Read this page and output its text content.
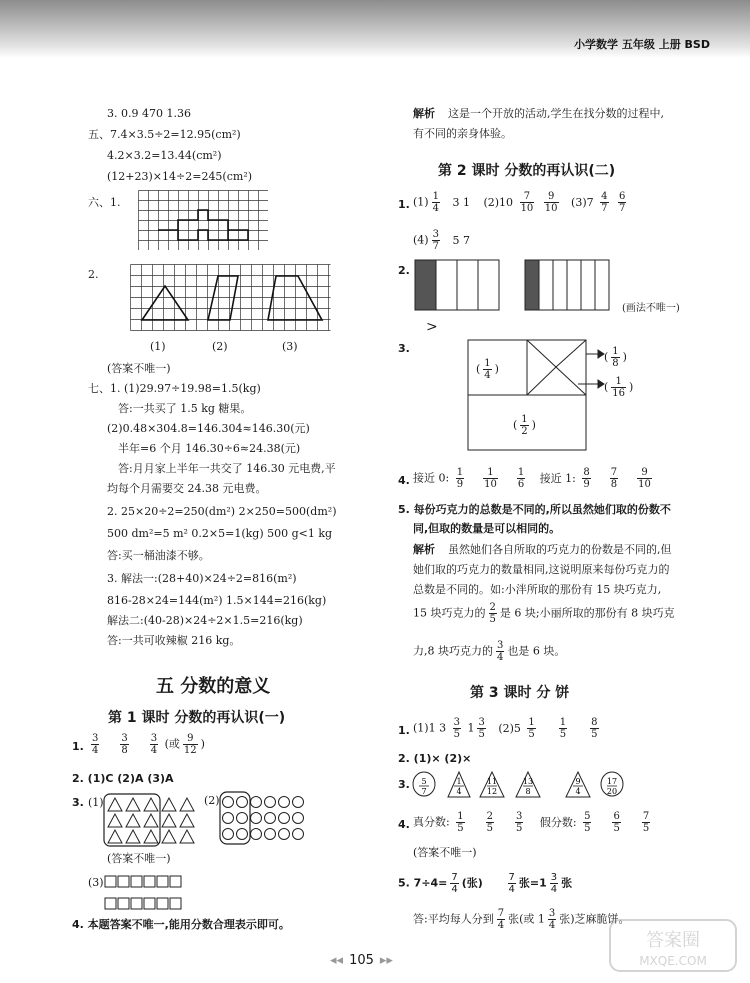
小学数学 五年级 上册 BSD
3. 0.9 470 1.36
五、7.4×3.5÷2=12.95(cm²)
4.2×3.2=13.44(cm²)
(12+23)×14÷2=245(cm²)
六、1.
2.
(1)	(2)	(3)
(答案不唯一)
七、1. (1)29.97÷19.98=1.5(kg)
答:一共买了 1.5 kg 糖果。
(2)0.48×304.8=146.304≈146.30(元)
半年=6 个月 146.30÷6≈24.38(元)
答:月月家上半年一共交了 146.30 元电费,平
均每个月需要交 24.38 元电费。
2. 25×20÷2=250(dm²) 2×250=500(dm²)
500 dm²=5 m² 0.2×5=1(kg) 500 g<1 kg
答:买一桶油漆不够。
3. 解法一:(28+40)×24÷2=816(m²)
816-28×24=144(m²) 1.5×144=216(kg)
解法二:(40-28)×24÷2×1.5=216(kg)
答:一共可收辣椒 216 kg。
五 分数的意义
第 1 课时 分数的再认识(一)
1. $\frac{3}{4}$
$\frac{3}{8}$
$\frac{3}{4}$ (或 $\frac{9}{12}$ )
2. (1)C (2)A (3)A
3. (1)	(2)
(答案不唯一)
(3)
4. 本题答案不唯一,能用分数合理表示即可。
解析 这是一个开放的活动,学生在找分数的过程中,
有不同的亲身体验。
第 2 课时 分数的再认识(二)
1. $(1) \frac{1}{4} 3$ 1 $(2)10 \frac{7}{10}$
$\frac{9}{10} (3)7 \frac{4}{7}$
$\frac{6}{7}$
$(4) \frac{3}{7} 5$ 7
2.
(画法不唯一)
>
3.
( $\frac{1}{4}$ )
( $\frac{1}{8}$ )
( $\frac{1}{16}$ )
( $\frac{1}{2}$ )
4. 接近 0: $\frac{1}{9}$
$\frac{1}{10}$
$\frac{1}{6}$ 接近 1: $\frac{8}{9}$
$\frac{7}{8}$
$\frac{9}{10}$
5. 每份巧克力的总数是不同的,所以虽然她们取的份数不
同,但取的数量是可以相同的。
解析 虽然她们各自所取的巧克力的份数是不同的,但
她们取的巧克力的数量相同,这说明原来每份巧克力的
总数是不同的。如:小泮所取的那份有 15 块巧克力,
15 块巧克力的 $\frac{2}{5}$ 是 6 块;小丽所取的那份有 8 块巧克
力,8 块巧克力的 $\frac{3}{4}$ 也是 6 块。
第 3 课时 分 饼
1. (1)1 $3 \frac{3}{5} 1 \frac{3}{5} (2)5 \frac{1}{5}$
$\frac{1}{5}$
$\frac{8}{5}$
2. (1)× (2)×
3. 5
7
1
4
11
12
13
8
9
4
17
20
4. 真分数: $\frac{1}{5}$
$\frac{2}{5}$
$\frac{3}{5}$ 假分数: $\frac{5}{5}$
$\frac{6}{5}$
$\frac{7}{5}$
(答案不唯一)
5. $7\div 4= \frac{7}{4}$ (张) $\frac{7}{4}$ 张$=1 \frac{3}{4}$ 张
答:平均每人分到 $\frac{7}{4}$ 张(或 $1 \frac{3}{4}$ 张)芝麻脆饼。
◂◂ 105 ▸▸
答案圈
MXQE.COM
